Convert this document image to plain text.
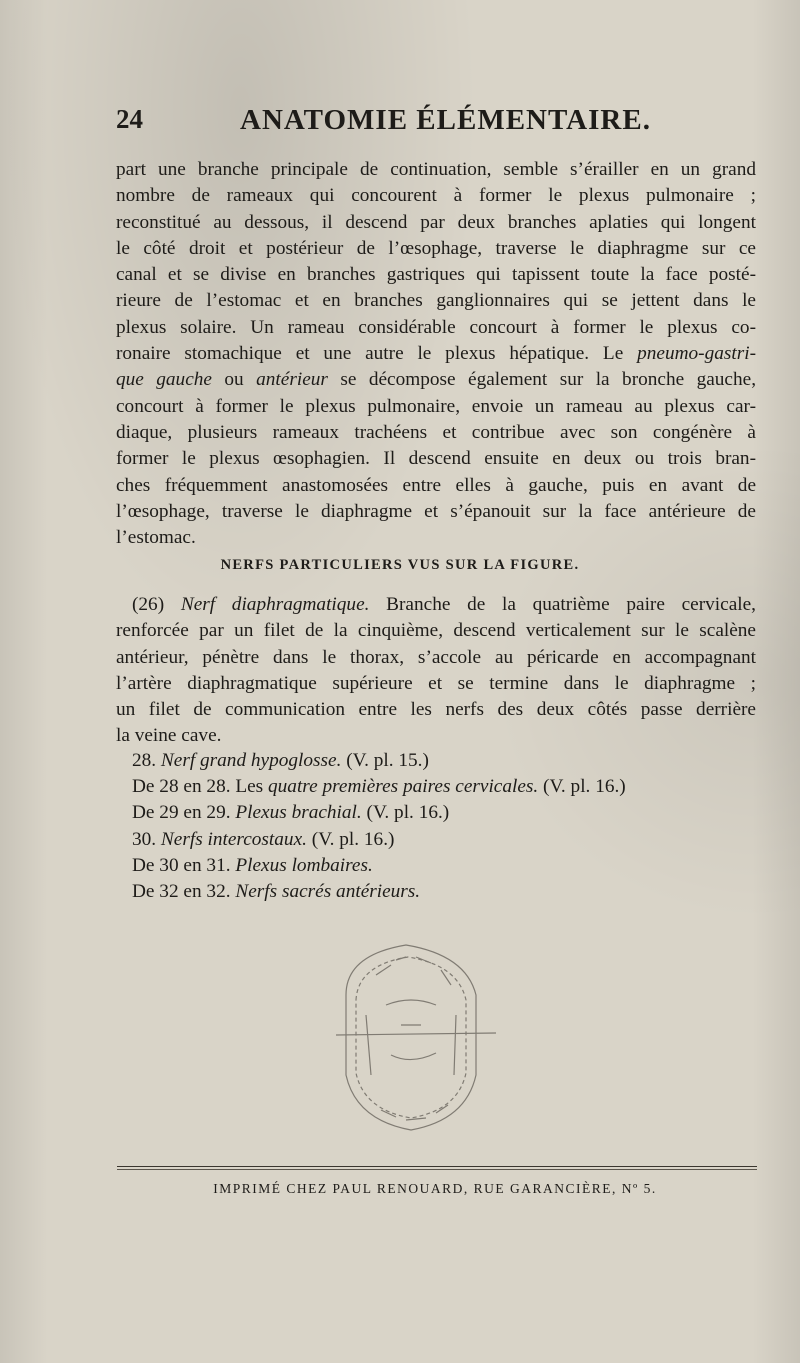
24	ANATOMIE ÉLÉMENTAIRE.
part une branche principale de continuation, semble s’érailler en un grand
nombre de rameaux qui concourent à former le plexus pulmonaire ;
reconstitué au dessous, il descend par deux branches aplaties qui longent
le côté droit et postérieur de l’œsophage, traverse le diaphragme sur ce
canal et se divise en branches gastriques qui tapissent toute la face posté-
rieure de l’estomac et en branches ganglionnaires qui se jettent dans le
plexus solaire. Un rameau considérable concourt à former le plexus co-
ronaire stomachique et une autre le plexus hépatique. Le pneumo-gastri-
que gauche ou antérieur se décompose également sur la bronche gauche,
concourt à former le plexus pulmonaire, envoie un rameau au plexus car-
diaque, plusieurs rameaux trachéens et contribue avec son congénère à
former le plexus œsophagien. Il descend ensuite en deux ou trois bran-
ches fréquemment anastomosées entre elles à gauche, puis en avant de
l’œsophage, traverse le diaphragme et s’épanouit sur la face antérieure de
l’estomac.
NERFS PARTICULIERS VUS SUR LA FIGURE.
(26) Nerf diaphragmatique. Branche de la quatrième paire cervicale,
renforcée par un filet de la cinquième, descend verticalement sur le scalène
antérieur, pénètre dans le thorax, s’accole au péricarde en accompagnant
l’artère diaphragmatique supérieure et se termine dans le diaphragme ;
un filet de communication entre les nerfs des deux côtés passe derrière
la veine cave.
28. Nerf grand hypoglosse. (V. pl. 15.)
De 28 en 28. Les quatre premières paires cervicales. (V. pl. 16.)
De 29 en 29. Plexus brachial. (V. pl. 16.)
30. Nerfs intercostaux. (V. pl. 16.)
De 30 en 31. Plexus lombaires.
De 32 en 32. Nerfs sacrés antérieurs.
IMPRIMÉ CHEZ PAUL RENOUARD, RUE GARANCIÈRE, Nº 5.
